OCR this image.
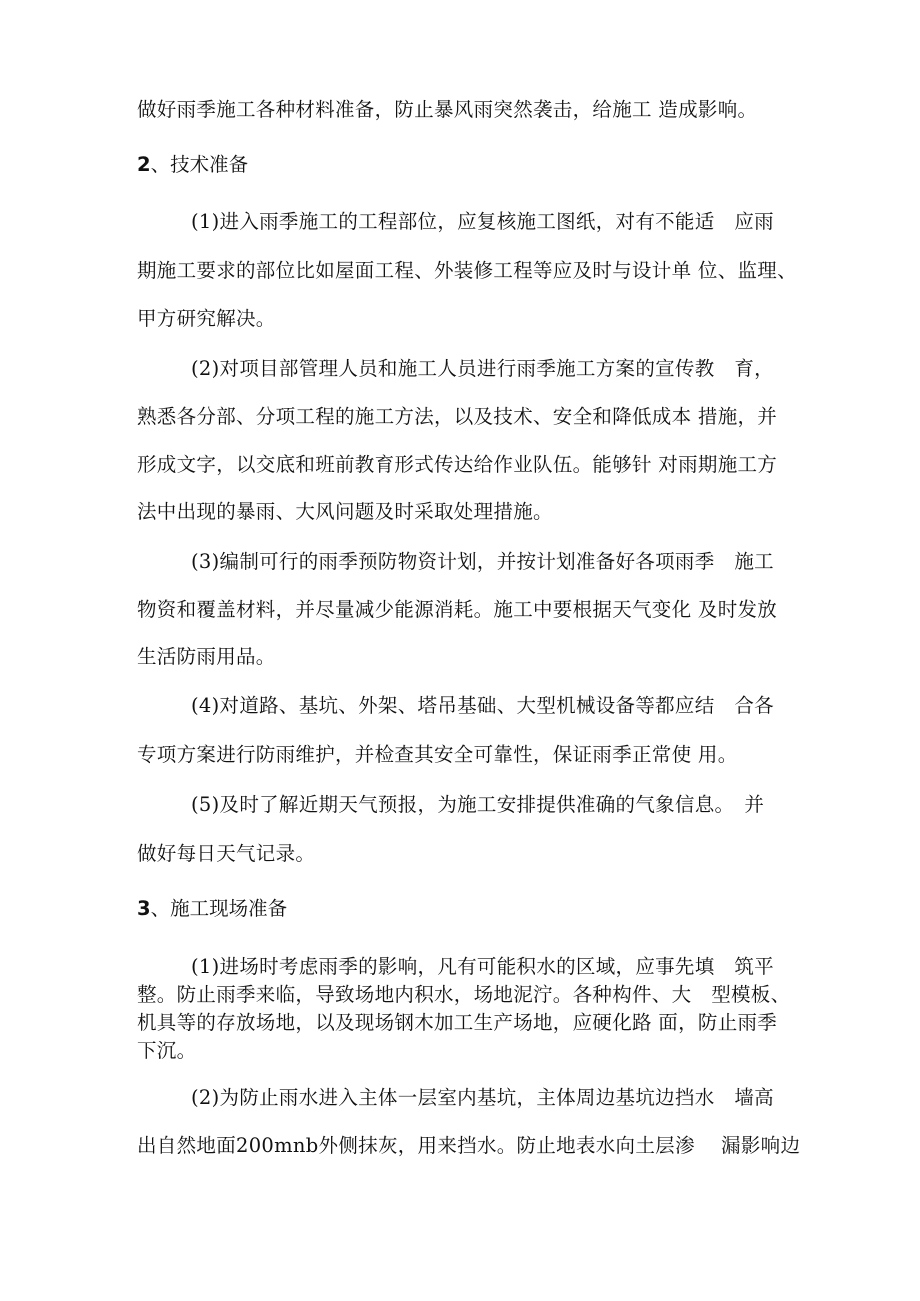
做好雨季施工各种材料准备，防止暴风雨突然袭击，给施工 造成影响。
2、技术准备
(1)进入雨季施工的工程部位，应复核施工图纸，对有不能适　应雨
期施工要求的部位比如屋面工程、外装修工程等应及时与设计单 位、监理、
甲方研究解决。
(2)对项目部管理人员和施工人员进行雨季施工方案的宣传教　育，
熟悉各分部、分项工程的施工方法，以及技术、安全和降低成本 措施，并
形成文字，以交底和班前教育形式传达给作业队伍。能够针 对雨期施工方
法中出现的暴雨、大风问题及时采取处理措施。
(3)编制可行的雨季预防物资计划，并按计划准备好各项雨季　施工
物资和覆盖材料，并尽量减少能源消耗。施工中要根据天气变化 及时发放
生活防雨用品。
(4)对道路、基坑、外架、塔吊基础、大型机械设备等都应结　合各
专项方案进行防雨维护，并检查其安全可靠性，保证雨季正常使 用。
(5)及时了解近期天气预报，为施工安排提供准确的气象信息。　并
做好每日天气记录。
3、施工现场准备
(1)进场时考虑雨季的影响，凡有可能积水的区域，应事先填　筑平
整。防止雨季来临，导致场地内积水，场地泥泞。各种构件、大　型模板、
机具等的存放场地，以及现场钢木加工生产场地，应硬化路 面，防止雨季
下沉。
(2)为防止雨水进入主体一层室内基坑，主体周边基坑边挡水　墙高
出自然地面200mnb外侧抹灰，用来挡水。防止地表水向土层渗　 漏影响边
